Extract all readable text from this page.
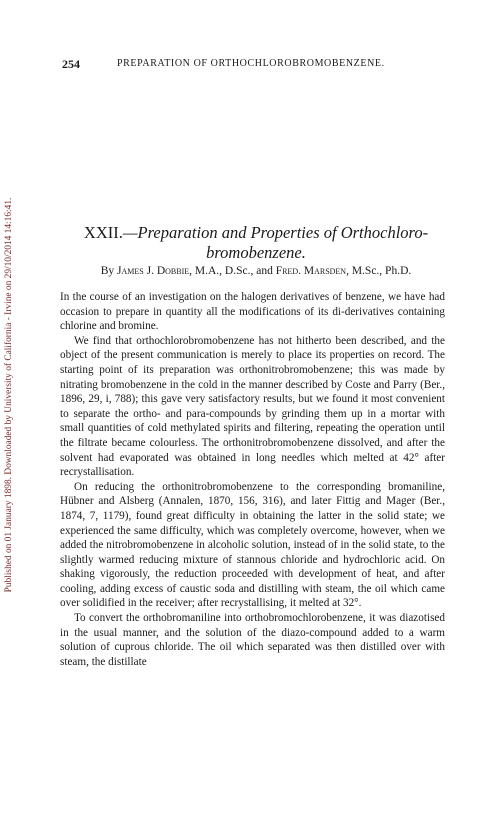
Published on 01 January 1898. Downloaded by University of California - Irvine on 29/10/2014 14:16:41.
254	PREPARATION OF ORTHOCHLOROBROMOBENZENE.
XXII.—Preparation and Properties of Orthochloro-
bromobenzene.
By James J. Dobbie, M.A., D.Sc., and Fred. Marsden, M.Sc., Ph.D.

In the course of an investigation on the halogen derivatives of benzene, we have had occasion to prepare in quantity all the modifications of its di-derivatives containing chlorine and bromine.

We find that orthochlorobromobenzene has not hitherto been described, and the object of the present communication is merely to place its properties on record. The starting point of its preparation was orthonitrobromobenzene; this was made by nitrating bromobenzene in the cold in the manner described by Coste and Parry (Ber., 1896, 29, i, 788); this gave very satisfactory results, but we found it most convenient to separate the ortho- and para-compounds by grinding them up in a mortar with small quantities of cold methylated spirits and filtering, repeating the operation until the filtrate became colourless. The orthonitrobromobenzene dissolved, and after the solvent had evaporated was obtained in long needles which melted at 42° after recrystallisation.

On reducing the orthonitrobromobenzene to the corresponding bromaniline, Hübner and Alsberg (Annalen, 1870, 156, 316), and later Fittig and Mager (Ber., 1874, 7, 1179), found great difficulty in obtaining the latter in the solid state; we experienced the same difficulty, which was completely overcome, however, when we added the nitrobromobenzene in alcoholic solution, instead of in the solid state, to the slightly warmed reducing mixture of stannous chloride and hydrochloric acid. On shaking vigorously, the reduction proceeded with development of heat, and after cooling, adding excess of caustic soda and distilling with steam, the oil which came over solidified in the receiver; after recrystallising, it melted at 32°.

To convert the orthobromaniline into orthobromochlorobenzene, it was diazotised in the usual manner, and the solution of the diazo-compound added to a warm solution of cuprous chloride. The oil which separated was then distilled over with steam, the distillate
